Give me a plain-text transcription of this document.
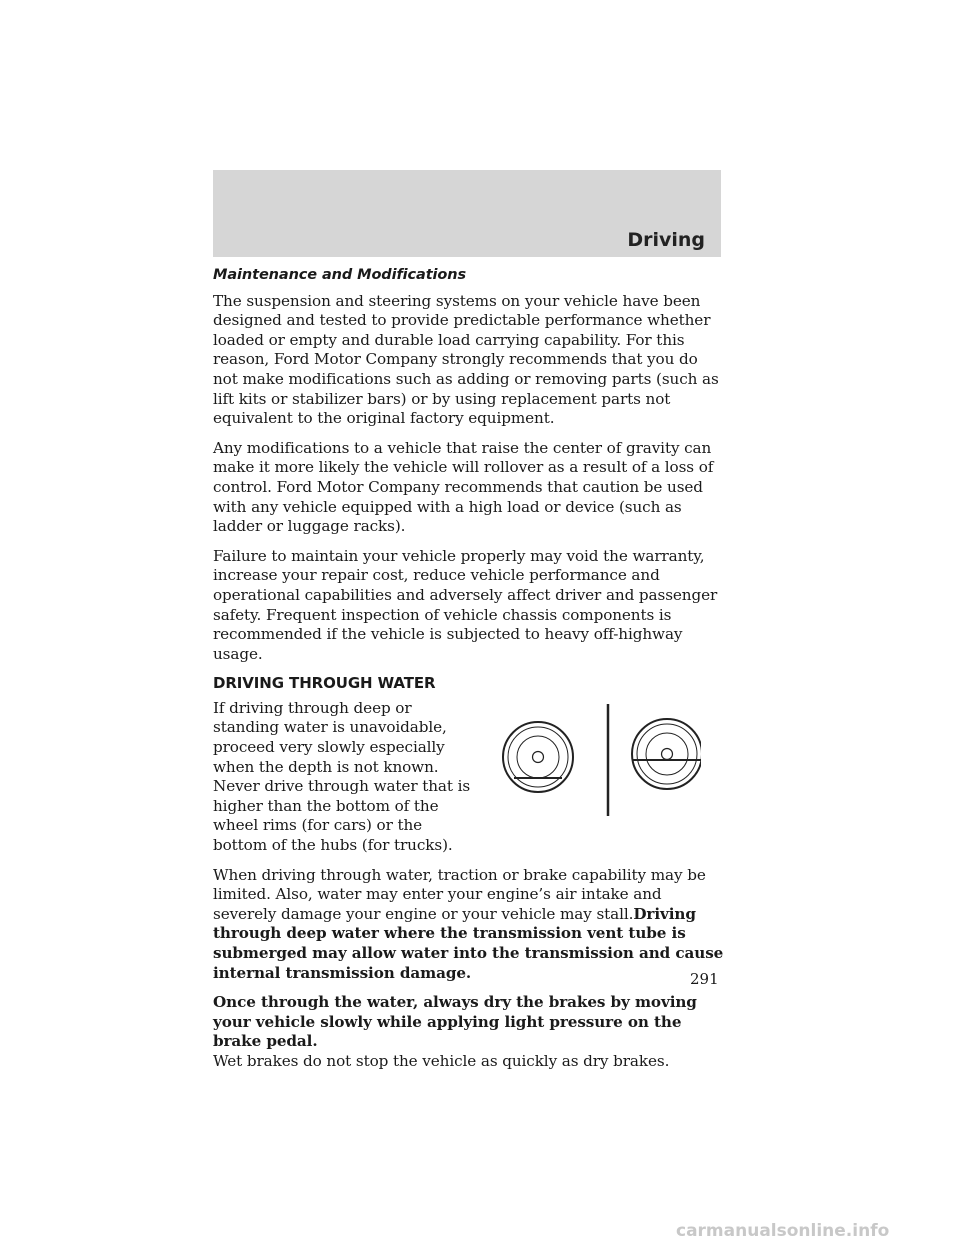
Driving
Maintenance and Modifications

The suspension and steering systems on your vehicle have been designed and tested to provide predictable performance whether loaded or empty and durable load carrying capability. For this reason, Ford Motor Company strongly recommends that you do not make modifications such as adding or removing parts (such as lift kits or stabilizer bars) or by using replacement parts not equivalent to the original factory equipment.

Any modifications to a vehicle that raise the center of gravity can make it more likely the vehicle will rollover as a result of a loss of control. Ford Motor Company recommends that caution be used with any vehicle equipped with a high load or device (such as ladder or luggage racks).

Failure to maintain your vehicle properly may void the warranty, increase your repair cost, reduce vehicle performance and operational capabilities and adversely affect driver and passenger safety. Frequent inspection of vehicle chassis components is recommended if the vehicle is subjected to heavy off-highway usage.

DRIVING THROUGH WATER
If driving through deep or standing water is unavoidable, proceed very slowly especially when the depth is not known. Never drive through water that is higher than the bottom of the wheel rims (for cars) or the bottom of the hubs (for trucks).

When driving through water, traction or brake capability may be limited. Also, water may enter your engine’s air intake and severely damage your engine or your vehicle may stall.Driving through deep water where the transmission vent tube is submerged may allow water into the transmission and cause internal transmission damage.

Once through the water, always dry the brakes by moving your vehicle slowly while applying light pressure on the brake pedal.
Wet brakes do not stop the vehicle as quickly as dry brakes.

291
carmanualsonline.info
